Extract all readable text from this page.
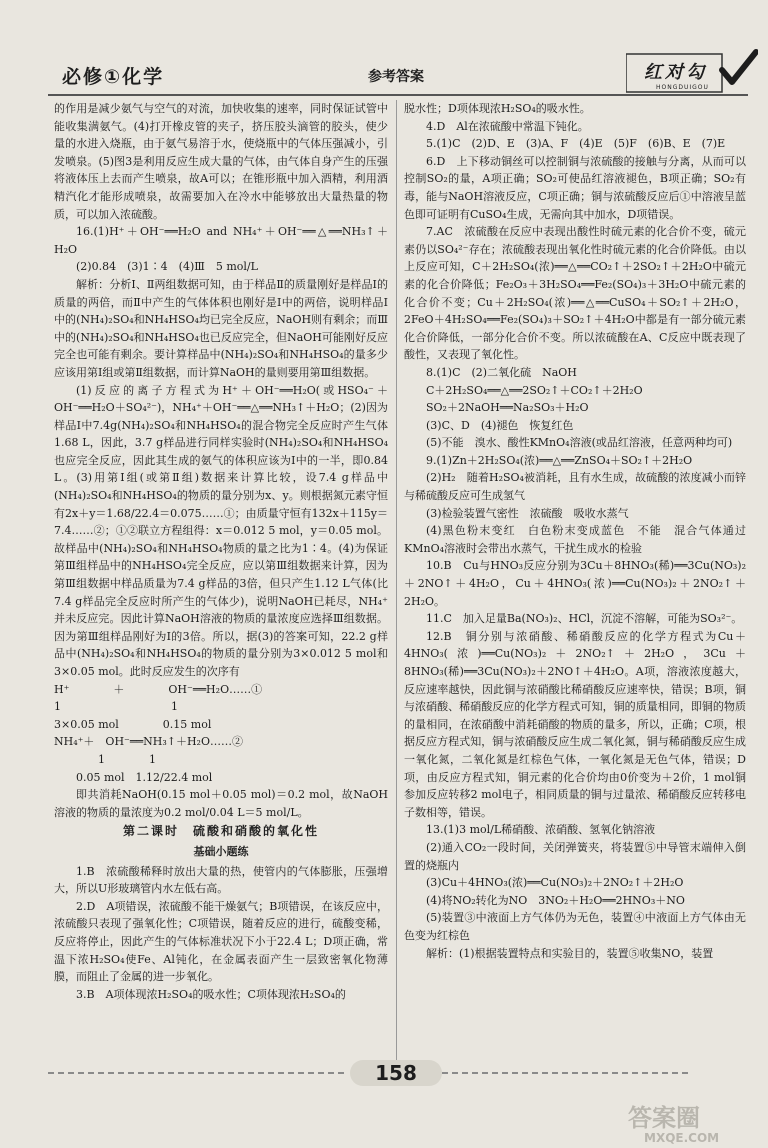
必修①化学	参考答案	红对勾
HONGDUIGOU

的作用是减少氨气与空气的对流，加快收集的速率，同时保证试管中能收集满氨气。(4)打开橡皮管的夹子，挤压胶头滴管的胶头，使少量的水进入烧瓶，由于氨气易溶于水，使烧瓶中的气体压强减小，引发喷泉。(5)图3是利用反应生成大量的气体，由气体自身产生的压强将液体压上去而产生喷泉，故A可以；在锥形瓶中加入酒精，利用酒精汽化才能形成喷泉，故需要加入在冷水中能够放出大量热量的物质，可以加入浓硫酸。

16.(1)H⁺＋OH⁻══H₂O and NH₄⁺＋OH⁻══△══NH₃↑＋H₂O

(2)0.84　(3)1∶4　(4)Ⅲ　5 mol/L

解析：分析Ⅰ、Ⅱ两组数据可知，由于样品Ⅱ的质量刚好是样品Ⅰ的质量的两倍，而Ⅱ中产生的气体体积也刚好是Ⅰ中的两倍，说明样品Ⅰ中的(NH₄)₂SO₄和NH₄HSO₄均已完全反应，NaOH则有剩余；而Ⅲ中的(NH₄)₂SO₄和NH₄HSO₄也已反应完全，但NaOH可能刚好反应完全也可能有剩余。要计算样品中(NH₄)₂SO₄和NH₄HSO₄的量多少应该用第Ⅰ组或第Ⅱ组数据，而计算NaOH的量则要用第Ⅲ组数据。

(1)反应的离子方程式为H⁺＋OH⁻══H₂O(或HSO₄⁻＋OH⁻══H₂O＋SO₄²⁻)，NH₄⁺＋OH⁻══△══NH₃↑＋H₂O；(2)因为样品Ⅰ中7.4g(NH₄)₂SO₄和NH₄HSO₄的混合物完全反应时产生气体1.68 L，因此，3.7 g样品进行同样实验时(NH₄)₂SO₄和NH₄HSO₄也应完全反应，因此其生成的氨气的体积应该为Ⅰ中的一半，即0.84 L。(3)用第Ⅰ组(或第Ⅱ组)数据来计算比较，设7.4 g样品中(NH₄)₂SO₄和NH₄HSO₄的物质的量分别为x、y。则根据氮元素守恒有2x＋y＝1.68/22.4＝0.075……①；由质量守恒有132x＋115y＝7.4……②；①②联立方程组得：x＝0.012 5 mol，y＝0.05 mol。故样品中(NH₄)₂SO₄和NH₄HSO₄物质的量之比为1∶4。(4)为保证第Ⅲ组样品中的NH₄HSO₄完全反应，应以第Ⅲ组数据来计算，因为第Ⅲ组数据中样品质量为7.4 g样品的3倍，但只产生1.12 L气体(比7.4 g样品完全反应时所产生的气体少)，说明NaOH已耗尽，NH₄⁺并未反应完。因此计算NaOH溶液的物质的量浓度应选择Ⅲ组数据。因为第Ⅲ组样品刚好为Ⅰ的3倍。所以，据(3)的答案可知，22.2 g样品中(NH₄)₂SO₄和NH₄HSO₄的物质的量分别为3×0.012 5 mol和3×0.05 mol。此时反应发生的次序有

H⁺　　　　＋　　　　OH⁻══H₂O……①
1　　　　　　　　　　1
3×0.05 mol　　　　0.15 mol
NH₄⁺＋　OH⁻══NH₃↑＋H₂O……②
　　　　1　　　　1
　　0.05 mol　1.12/22.4 mol

即共消耗NaOH(0.15 mol＋0.05 mol)＝0.2 mol，故NaOH溶液的物质的量浓度为0.2 mol/0.04 L＝5 mol/L。

第二课时　硫酸和硝酸的氧化性

基础小题练

1.B　浓硫酸稀释时放出大量的热，使管内的气体膨胀，压强增大，所以U形玻璃管内水左低右高。

2.D　A项错误，浓硫酸不能干燥氨气；B项错误，在该反应中，浓硫酸只表现了强氧化性；C项错误，随着反应的进行，硫酸变稀，反应将停止，因此产生的气体标准状况下小于22.4 L；D项正确，常温下浓H₂SO₄使Fe、Al钝化，在金属表面产生一层致密氧化物薄膜，而阻止了金属的进一步氧化。

3.B　A项体现浓H₂SO₄的吸水性；C项体现浓H₂SO₄的

脱水性；D项体现浓H₂SO₄的吸水性。

4.D　Al在浓硫酸中常温下钝化。

5.(1)C　(2)D、E　(3)A、F　(4)E　(5)F　(6)B、E　(7)E

6.D　上下移动铜丝可以控制铜与浓硫酸的接触与分离，从而可以控制SO₂的量，A项正确；SO₂可使品红溶液褪色，B项正确；SO₂有毒，能与NaOH溶液反应，C项正确；铜与浓硫酸反应后①中溶液呈蓝色即可证明有CuSO₄生成，无需向其中加水，D项错误。

7.AC　浓硫酸在反应中表现出酸性时硫元素的化合价不变，硫元素仍以SO₄²⁻存在；浓硫酸表现出氧化性时硫元素的化合价降低。由以上反应可知，C＋2H₂SO₄(浓)══△══CO₂↑＋2SO₂↑＋2H₂O中硫元素的化合价降低；Fe₂O₃＋3H₂SO₄══Fe₂(SO₄)₃＋3H₂O中硫元素的化合价不变；Cu＋2H₂SO₄(浓)══△══CuSO₄＋SO₂↑＋2H₂O，2FeO＋4H₂SO₄══Fe₂(SO₄)₃＋SO₂↑＋4H₂O中都是有一部分硫元素化合价降低，一部分化合价不变。所以浓硫酸在A、C反应中既表现了酸性，又表现了氧化性。

8.(1)C　(2)二氧化硫　NaOH

C＋2H₂SO₄══△══2SO₂↑＋CO₂↑＋2H₂O

SO₂＋2NaOH══Na₂SO₃＋H₂O

(3)C、D　(4)褪色　恢复红色

(5)不能　溴水、酸性KMnO₄溶液(或品红溶液，任意两种均可)

9.(1)Zn＋2H₂SO₄(浓)══△══ZnSO₄＋SO₂↑＋2H₂O

(2)H₂　随着H₂SO₄被消耗，且有水生成，故硫酸的浓度减小而锌与稀硫酸反应可生成氢气

(3)检验装置气密性　浓硫酸　吸收水蒸气

(4)黑色粉末变红　白色粉末变成蓝色　不能　混合气体通过KMnO₄溶液时会带出水蒸气，干扰生成水的检验

10.B　Cu与HNO₃反应分别为3Cu＋8HNO₃(稀)══3Cu(NO₃)₂＋2NO↑＋4H₂O，Cu＋4HNO₃(浓)══Cu(NO₃)₂＋2NO₂↑＋2H₂O。

11.C　加入足量Ba(NO₃)₂、HCl，沉淀不溶解，可能为SO₃²⁻。

12.B　铜分别与浓硝酸、稀硝酸反应的化学方程式为Cu＋4HNO₃(浓)══Cu(NO₃)₂＋2NO₂↑＋2H₂O，3Cu＋8HNO₃(稀)══3Cu(NO₃)₂＋2NO↑＋4H₂O。A项，溶液浓度越大，反应速率越快，因此铜与浓硝酸比稀硝酸反应速率快，错误；B项，铜与浓硝酸、稀硝酸反应的化学方程式可知，铜的质量相同，即铜的物质的量相同，在浓硝酸中消耗硝酸的物质的量多，所以，正确；C项，根据反应方程式知，铜与浓硝酸反应生成二氧化氮，铜与稀硝酸反应生成一氧化氮，二氧化氮是红棕色气体，一氧化氮是无色气体，错误；D项，由反应方程式知，铜元素的化合价均由0价变为＋2价，1 mol铜参加反应转移2 mol电子，相同质量的铜与过量浓、稀硝酸反应转移电子数相等，错误。

13.(1)3 mol/L稀硝酸、浓硝酸、氢氧化钠溶液

(2)通入CO₂一段时间，关闭弹簧夹，将装置⑤中导管末端伸入倒置的烧瓶内

(3)Cu＋4HNO₃(浓)══Cu(NO₃)₂＋2NO₂↑＋2H₂O

(4)将NO₂转化为NO　3NO₂＋H₂O══2HNO₃＋NO

(5)装置③中液面上方气体仍为无色，装置④中液面上方气体由无色变为红棕色

解析：(1)根据装置特点和实验目的，装置⑤收集NO，装置

158
答案圈
MXQE.COM
